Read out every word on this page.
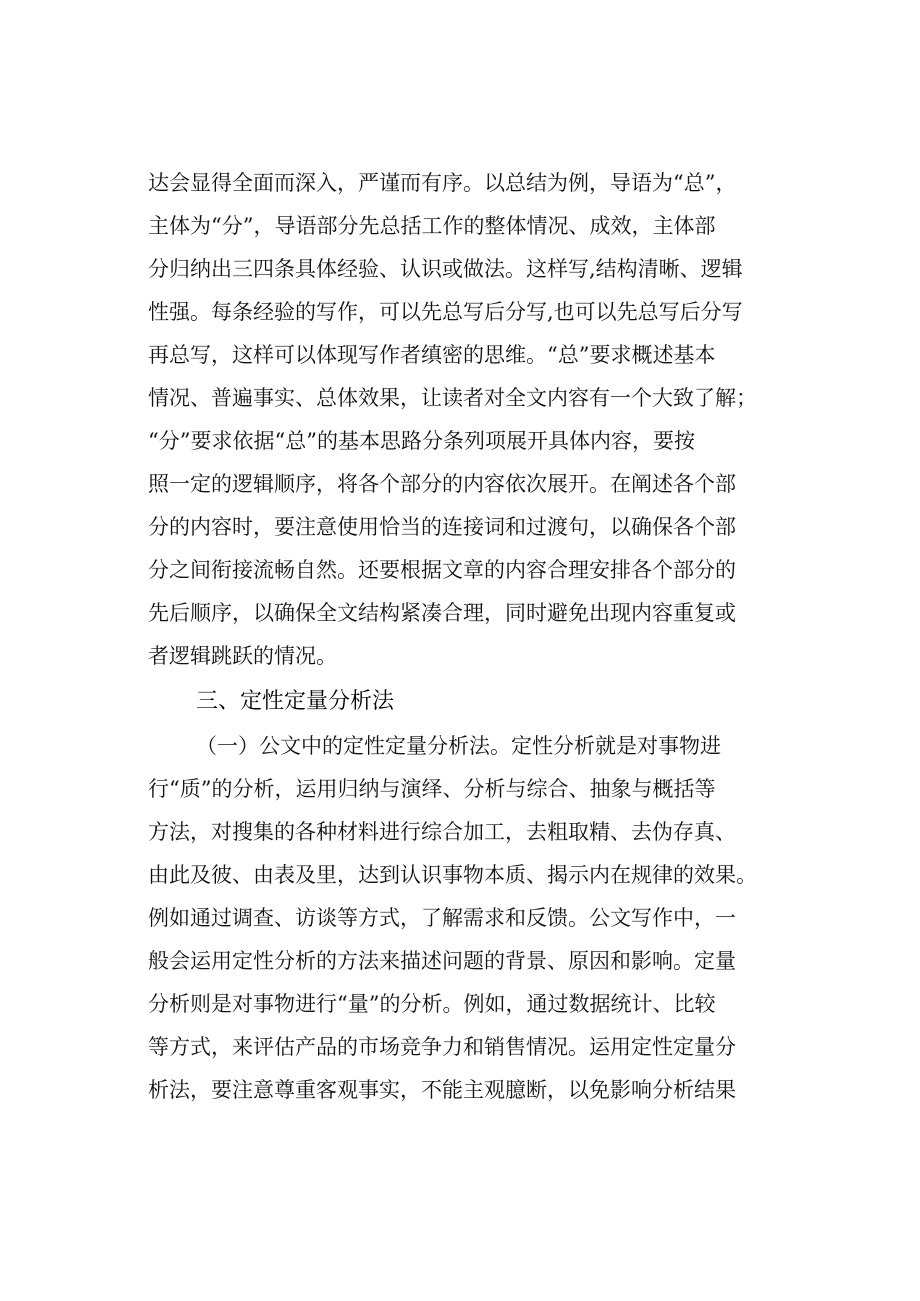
达会显得全面而深入，严谨而有序。以总结为例，导语为“总”，
主体为“分”，导语部分先总括工作的整体情况、成效，主体部
分归纳出三四条具体经验、认识或做法。这样写,结构清晰、逻辑
性强。每条经验的写作，可以先总写后分写,也可以先总写后分写
再总写，这样可以体现写作者缜密的思维。“总”要求概述基本
情况、普遍事实、总体效果，让读者对全文内容有一个大致了解；
“分”要求依据“总”的基本思路分条列项展开具体内容，要按
照一定的逻辑顺序，将各个部分的内容依次展开。在阐述各个部
分的内容时，要注意使用恰当的连接词和过渡句，以确保各个部
分之间衔接流畅自然。还要根据文章的内容合理安排各个部分的
先后顺序，以确保全文结构紧凑合理，同时避免出现内容重复或
者逻辑跳跃的情况。
三、定性定量分析法
（一）公文中的定性定量分析法。定性分析就是对事物进
行“质”的分析，运用归纳与演绎、分析与综合、抽象与概括等
方法，对搜集的各种材料进行综合加工，去粗取精、去伪存真、
由此及彼、由表及里，达到认识事物本质、揭示内在规律的效果。
例如通过调查、访谈等方式，了解需求和反馈。公文写作中，一
般会运用定性分析的方法来描述问题的背景、原因和影响。定量
分析则是对事物进行“量”的分析。例如，通过数据统计、比较
等方式，来评估产品的市场竞争力和销售情况。运用定性定量分
析法，要注意尊重客观事实，不能主观臆断，以免影响分析结果
